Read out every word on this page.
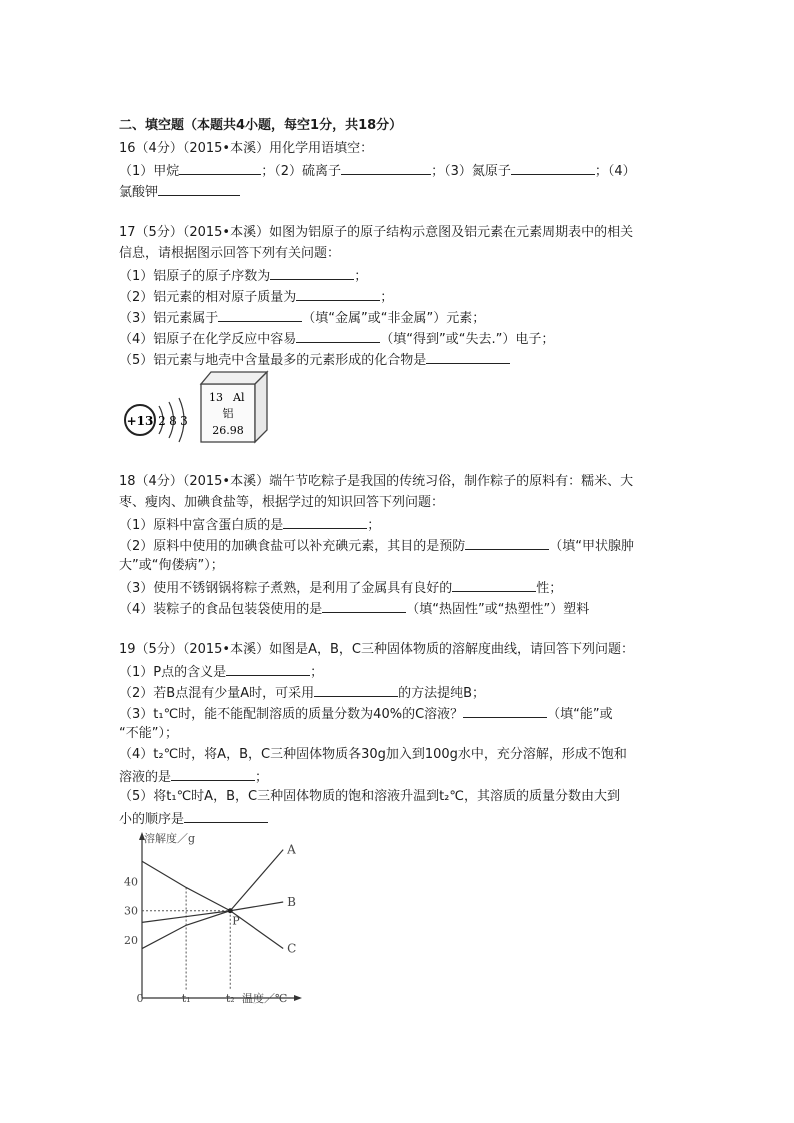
二、填空题（本题共4小题，每空1分，共18分）
16（4分）（2015•本溪）用化学用语填空：
（1）甲烷	；（2）硫离子	；（3）氮原子	；（4）
氯酸钾
17（5分）（2015•本溪）如图为铝原子的原子结构示意图及铝元素在元素周期表中的相关
信息，请根据图示回答下列有关问题：
（1）铝原子的原子序数为	；
（2）铝元素的相对原子质量为	；
（3）铝元素属于	（填“金属”或“非金属”）元素；
（4）铝原子在化学反应中容易	（填“得到”或“失去.”）电子；
（5）铝元素与地壳中含量最多的元素形成的化合物是
+13 2 8 3
13 Al
铝
26.98
18（4分）（2015•本溪）端午节吃粽子是我国的传统习俗，制作粽子的原料有：糯米、大
枣、瘦肉、加碘食盐等，根据学过的知识回答下列问题：
（1）原料中富含蛋白质的是	；
（2）原料中使用的加碘食盐可以补充碘元素，其目的是预防	（填“甲状腺肿
大”或“佝偻病”）；
（3）使用不锈钢锅将粽子煮熟，是利用了金属具有良好的	性；
（4）装粽子的食品包装袋使用的是	（填“热固性”或“热塑性”）塑料
19（5分）（2015•本溪）如图是A，B，C三种固体物质的溶解度曲线，请回答下列问题：
（1）P点的含义是	；
（2）若B点混有少量A时，可采用	的方法提纯B；
（3）t₁℃时，能不能配制溶质的质量分数为40%的C溶液？	（填“能”或
“不能”）；
（4）t₂℃时，将A，B，C三种固体物质各30g加入到100g水中，充分溶解，形成不饱和
溶液的是	；
（5）将t₁℃时A，B，C三种固体物质的饱和溶液升温到t₂℃，其溶质的质量分数由大到
小的顺序是
溶解度／g
温度／℃
40
30
20
0	t₁	t₂
A
B
C
P
